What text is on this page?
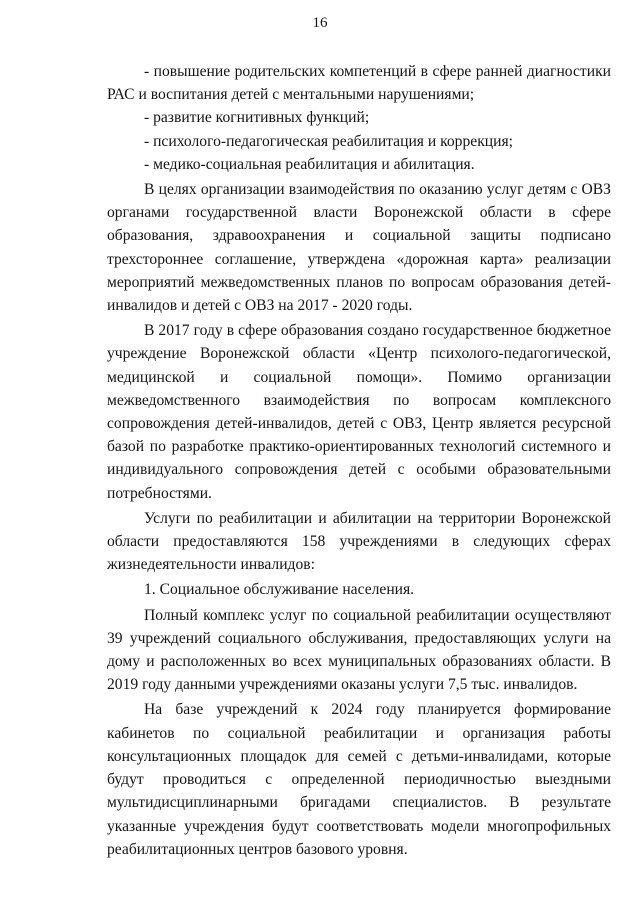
16

- повышение родительских компетенций в сфере ранней диагностики РАС и воспитания детей с ментальными нарушениями;

- развитие когнитивных функций;

- психолого-педагогическая реабилитация и коррекция;

- медико-социальная реабилитация и абилитация.

В целях организации взаимодействия по оказанию услуг детям с ОВЗ органами государственной власти Воронежской области в сфере образования, здравоохранения и социальной защиты подписано трехстороннее соглашение, утверждена «дорожная карта» реализации мероприятий межведомственных планов по вопросам образования детей-инвалидов и детей с ОВЗ на 2017 - 2020 годы.

В 2017 году в сфере образования создано государственное бюджетное учреждение Воронежской области «Центр психолого-педагогической, медицинской и социальной помощи». Помимо организации межведомственного взаимодействия по вопросам комплексного сопровождения детей-инвалидов, детей с ОВЗ, Центр является ресурсной базой по разработке практико-ориентированных технологий системного и индивидуального сопровождения детей с особыми образовательными потребностями.

Услуги по реабилитации и абилитации на территории Воронежской области предоставляются 158 учреждениями в следующих сферах жизнедеятельности инвалидов:

1. Социальное обслуживание населения.

Полный комплекс услуг по социальной реабилитации осуществляют 39 учреждений социального обслуживания, предоставляющих услуги на дому и расположенных во всех муниципальных образованиях области. В 2019 году данными учреждениями оказаны услуги 7,5 тыс. инвалидов.

На базе учреждений к 2024 году планируется формирование кабинетов по социальной реабилитации и организация работы консультационных площадок для семей с детьми-инвалидами, которые будут проводиться с определенной периодичностью выездными мультидисциплинарными бригадами специалистов. В результате указанные учреждения будут соответствовать модели многопрофильных реабилитационных центров базового уровня.
